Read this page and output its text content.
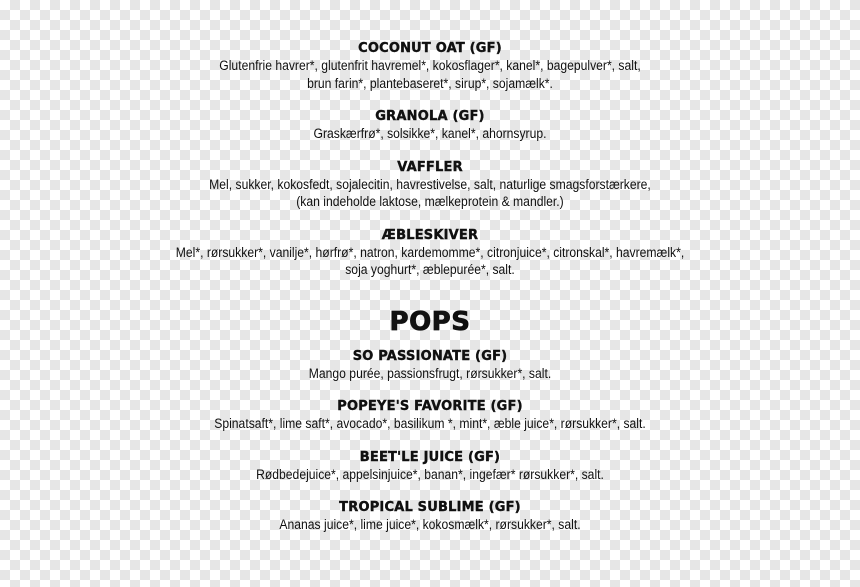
COCONUT OAT (GF)
Glutenfrie havrer*, glutenfrit havremel*, kokosflager*, kanel*, bagepulver*, salt,
brun farin*, plantebaseret*, sirup*, sojamælk*.
GRANOLA (GF)
Graskærfrø*, solsikke*, kanel*, ahornsyrup.
VAFFLER
Mel, sukker, kokosfedt, sojalecitin, havrestivelse, salt, naturlige smagsforstærkere,
(kan indeholde laktose, mælkeprotein & mandler.)
ÆBLESKIVER
Mel*, rørsukker*, vanilje*, hørfrø*, natron, kardemomme*, citronjuice*, citronskal*, havremælk*,
soja yoghurt*, æblepurée*, salt.
POPS
SO PASSIONATE (GF)
Mango purée, passionsfrugt, rørsukker*, salt.
POPEYE'S FAVORITE (GF)
Spinatsaft*, lime saft*, avocado*, basilikum *, mint*, æble juice*, rørsukker*, salt.
BEET'LE JUICE (GF)
Rødbedejuice*, appelsinjuice*, banan*, ingefær* rørsukker*, salt.
TROPICAL SUBLIME (GF)
Ananas juice*, lime juice*, kokosmælk*, rørsukker*, salt.
